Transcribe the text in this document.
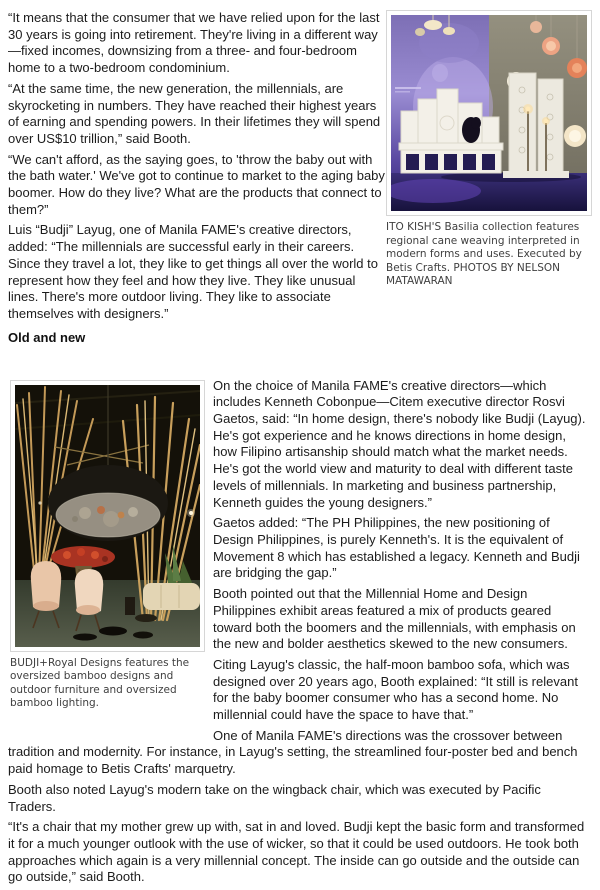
ITO KISH'S Basilia collection features regional cane weaving interpreted in modern forms and uses. Executed by Betis Crafts. PHOTOS BY NELSON MATAWARAN

“It means that the consumer that we have relied upon for the last 30 years is going into retirement. They're living in a different way—fixed incomes, downsizing from a three- and four-bedroom home to a two-bedroom condominium.

“At the same time, the new generation, the millennials, are skyrocketing in numbers. They have reached their highest years of earning and spending powers. In their lifetimes they will spend over US$10 trillion,” said Booth.

“We can't afford, as the saying goes, to 'throw the baby out with the bath water.' We've got to continue to market to the aging baby boomer. How do they live? What are the products that connect to them?”

Luis “Budji” Layug, one of Manila FAME's creative directors, added: “The millennials are successful early in their careers. Since they travel a lot, they like to get things all over the world to represent how they feel and how they live. They like unusual lines. There's more outdoor living. They like to associate themselves with designers.”

Old and new
BUDJI+Royal Designs features the oversized bamboo designs and outdoor furniture and oversized bamboo lighting.

On the choice of Manila FAME's creative directors—which includes Kenneth Cobonpue—Citem executive director Rosvi Gaetos, said: “In home design, there's nobody like Budji (Layug). He's got experience and he knows directions in home design, how Filipino artisanship should match what the market needs. He's got the world view and maturity to deal with different taste levels of millennials. In marketing and business partnership, Kenneth guides the young designers.”

Gaetos added: “The PH Philippines, the new positioning of Design Philippines, is purely Kenneth's. It is the equivalent of Movement 8 which has established a legacy. Kenneth and Budji are bridging the gap.”

Booth pointed out that the Millennial Home and Design Philippines exhibit areas featured a mix of products geared toward both the boomers and the millennials, with emphasis on the new and bolder aesthetics skewed to the new consumers.

Citing Layug's classic, the half-moon bamboo sofa, which was designed over 20 years ago, Booth explained: “It still is relevant for the baby boomer consumer who has a second home. No millennial could have the space to have that.”

One of Manila FAME's directions was the crossover between tradition and modernity. For instance, in Layug's setting, the streamlined four-poster bed and bench paid homage to Betis Crafts' marquetry.

Booth also noted Layug's modern take on the wingback chair, which was executed by Pacific Traders.

“It's a chair that my mother grew up with, sat in and loved. Budji kept the basic form and transformed it for a much younger outlook with the use of wicker, so that it could be used outdoors. He took both approaches which again is a very millennial concept. The inside can go outside and the outside can go outside,” said Booth.
